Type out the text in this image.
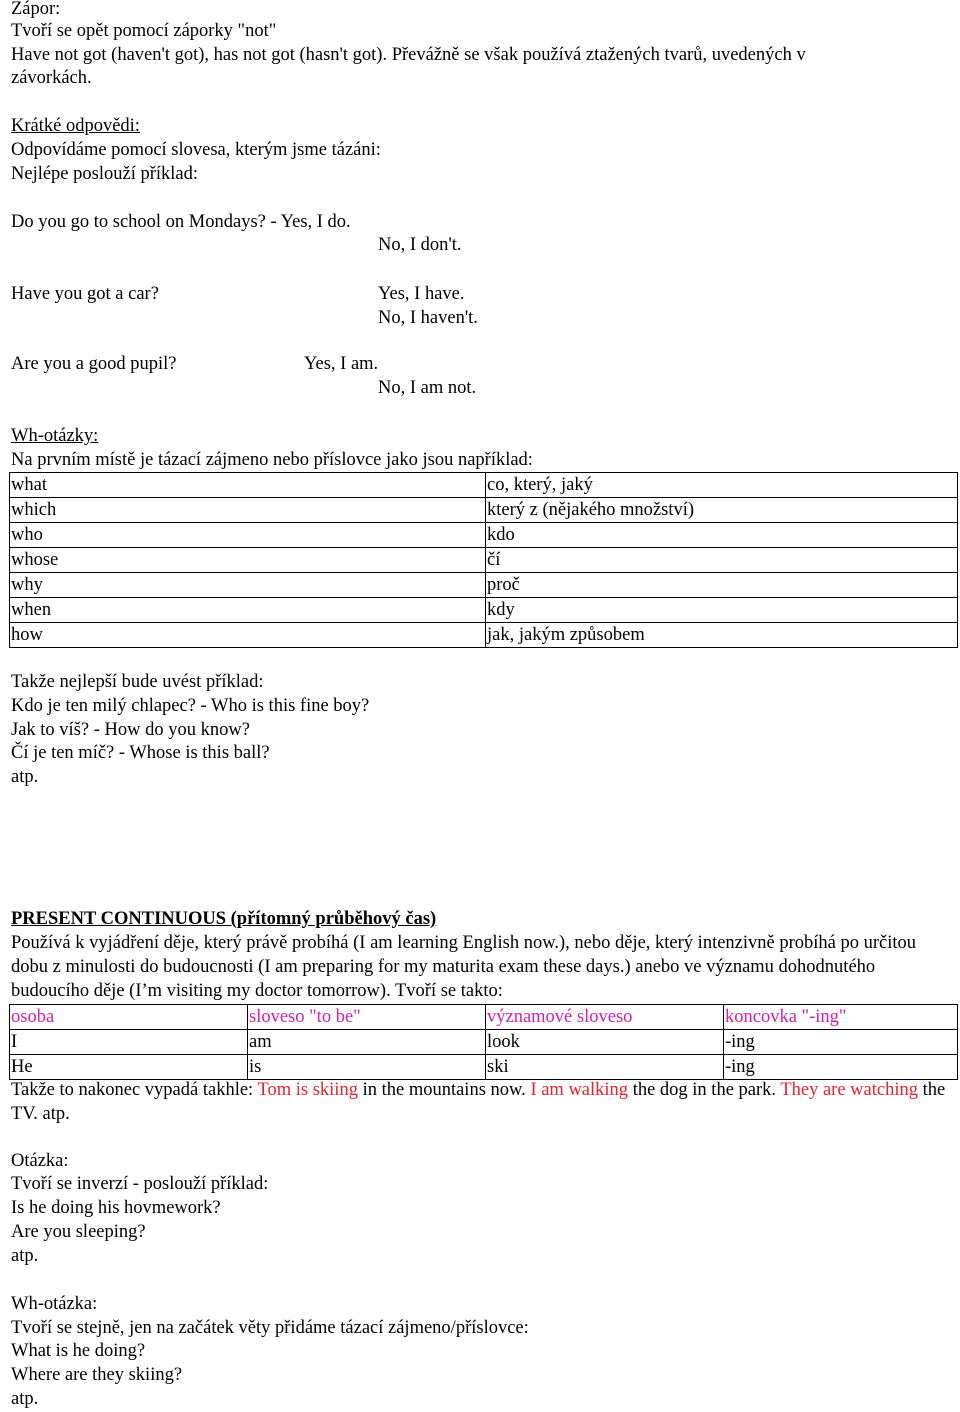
Zápor:
Tvoří se opět pomocí záporky "not"
Have not got (haven't got), has not got (hasn't got). Převážně se však používá ztažených tvarů, uvedených v
závorkách.
Krátké odpovědi:
Odpovídáme pomocí slovesa, kterým jsme tázáni:
Nejlépe poslouží příklad:
Do you go to school on Mondays? - Yes, I do.
No, I don't.
Have you got a car?	Yes, I have.
No, I haven't.
Are you a good pupil?	Yes, I am.
No, I am not.
Wh-otázky:
Na prvním místě je tázací zájmeno nebo příslovce jako jsou například:
what	co, který, jaký
which	který z (nějakého množství)
who	kdo
whose	čí
why	proč
when	kdy
how	jak, jakým způsobem
Takže nejlepší bude uvést příklad:
Kdo je ten milý chlapec? - Who is this fine boy?
Jak to víš? - How do you know?
Čí je ten míč? - Whose is this ball?
atp.
PRESENT CONTINUOUS (přítomný průběhový čas)
Používá k vyjádření děje, který právě probíhá (I am learning English now.), nebo děje, který intenzivně probíhá po určitou dobu z minulosti do budoucnosti (I am preparing for my maturita exam these days.) anebo ve významu dohodnutého budoucího děje (I’m visiting my doctor tomorrow). Tvoří se takto:
osoba	sloveso "to be"	významové sloveso	koncovka "-ing"
I	am	look	-ing
He	is	ski	-ing
Takže to nakonec vypadá takhle: Tom is skiing in the mountains now. I am walking the dog in the park. They are watching the TV. atp.
Otázka:
Tvoří se inverzí - poslouží příklad:
Is he doing his hovmework?
Are you sleeping?
atp.
Wh-otázka:
Tvoří se stejně, jen na začátek věty přidáme tázací zájmeno/příslovce:
What is he doing?
Where are they skiing?
atp.
